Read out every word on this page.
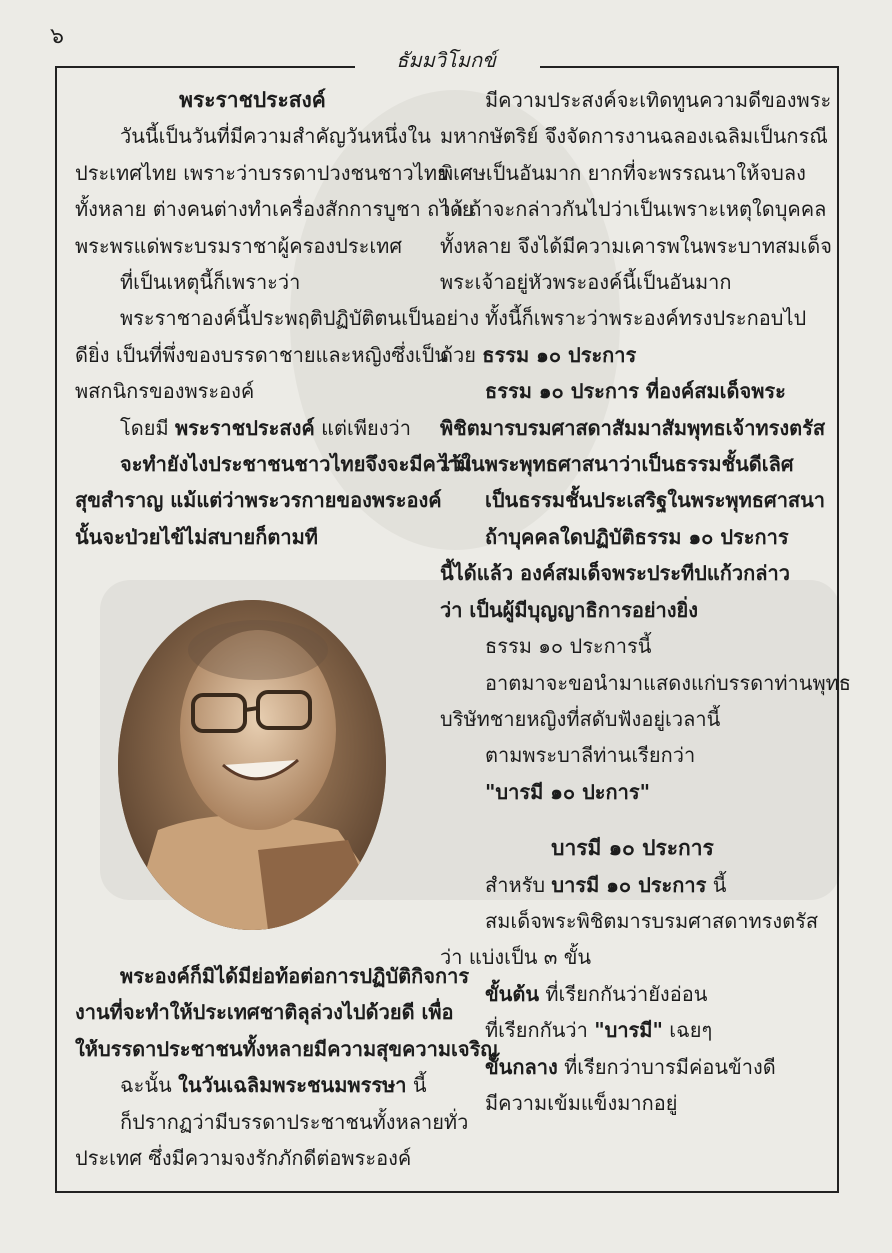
๖
ธัมมวิโมกข์

พระราชประสงค์

วันนี้เป็นวันที่มีความสำคัญวันหนึ่งใน

ประเทศไทย เพราะว่าบรรดาปวงชนชาวไทย

ทั้งหลาย ต่างคนต่างทำเครื่องสักการบูชา ถวาย

พระพรแด่พระบรมราชาผู้ครองประเทศ

ที่เป็นเหตุนี้ก็เพราะว่า

พระราชาองค์นี้ประพฤติปฏิบัติตนเป็นอย่าง

ดียิ่ง เป็นที่พึ่งของบรรดาชายและหญิงซึ่งเป็น

พสกนิกรของพระองค์

โดยมี พระราชประสงค์ แต่เพียงว่า

จะทำยังไงประชาชนชาวไทยจึงจะมีความ

สุขสำราญ แม้แต่ว่าพระวรกายของพระองค์

นั้นจะป่วยไข้ไม่สบายก็ตามที

พระองค์ก็มิได้มีย่อท้อต่อการปฏิบัติกิจการ

งานที่จะทำให้ประเทศชาติลุล่วงไปด้วยดี เพื่อ

ให้บรรดาประชาชนทั้งหลายมีความสุขความเจริญ

ฉะนั้น ในวันเฉลิมพระชนมพรรษา นี้

ก็ปรากฏว่ามีบรรดาประชาชนทั้งหลายทั่ว

ประเทศ ซึ่งมีความจงรักภักดีต่อพระองค์

มีความประสงค์จะเทิดทูนความดีของพระ

มหากษัตริย์ จึงจัดการงานฉลองเฉลิมเป็นกรณี

พิเศษเป็นอันมาก ยากที่จะพรรณนาให้จบลง

ได้ ถ้าจะกล่าวกันไปว่าเป็นเพราะเหตุใดบุคคล

ทั้งหลาย จึงได้มีความเคารพในพระบาทสมเด็จ

พระเจ้าอยู่หัวพระองค์นี้เป็นอันมาก

ทั้งนี้ก็เพราะว่าพระองค์ทรงประกอบไป

ด้วย ธรรม ๑๐ ประการ

ธรรม ๑๐ ประการ ที่องค์สมเด็จพระ

พิชิตมารบรมศาสดาสัมมาสัมพุทธเจ้าทรงตรัส

ไว้ในพระพุทธศาสนาว่าเป็นธรรมชั้นดีเลิศ

เป็นธรรมชั้นประเสริฐในพระพุทธศาสนา

ถ้าบุคคลใดปฏิบัติธรรม ๑๐ ประการ

นี้ได้แล้ว องค์สมเด็จพระประทีปแก้วกล่าว

ว่า เป็นผู้มีบุญญาธิการอย่างยิ่ง

ธรรม ๑๐ ประการนี้

อาตมาจะขอนำมาแสดงแก่บรรดาท่านพุทธ

บริษัทชายหญิงที่สดับฟังอยู่เวลานี้

ตามพระบาลีท่านเรียกว่า

"บารมี ๑๐ ปะการ"

บารมี ๑๐ ประการ

สำหรับ บารมี ๑๐ ประการ นี้

สมเด็จพระพิชิตมารบรมศาสดาทรงตรัส

ว่า แบ่งเป็น ๓ ขั้น

ขั้นต้น ที่เรียกกันว่ายังอ่อน

ที่เรียกกันว่า "บารมี" เฉยๆ

ขั้นกลาง ที่เรียกว่าบารมีค่อนข้างดี

มีความเข้มแข็งมากอยู่
